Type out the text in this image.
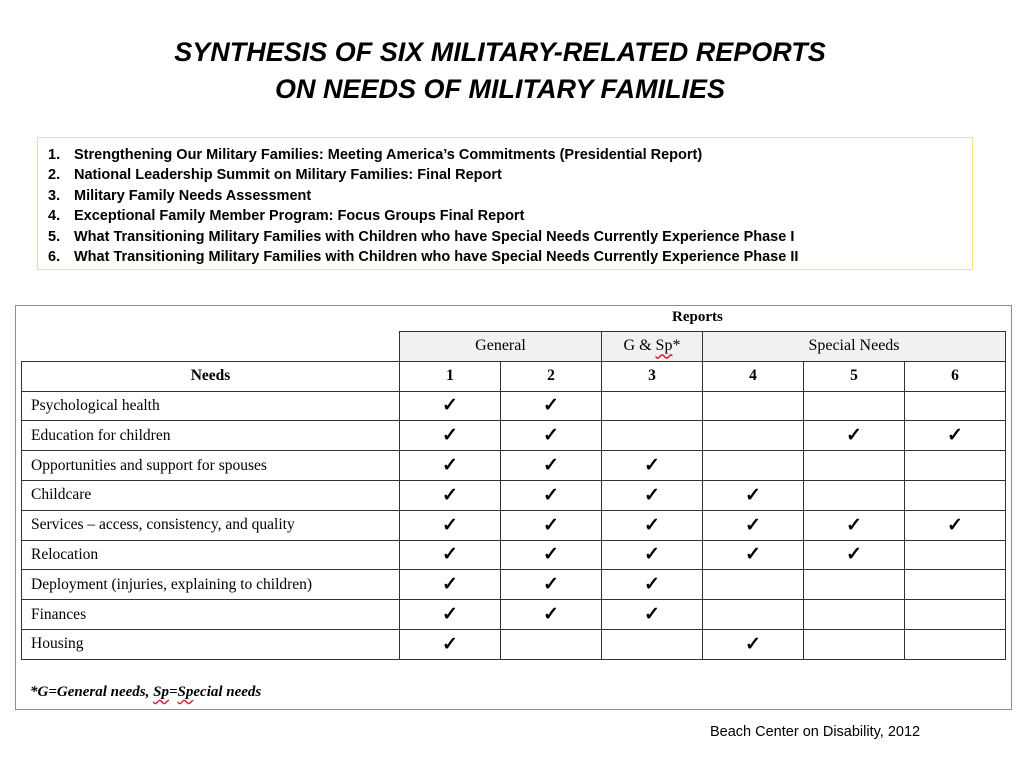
SYNTHESIS OF SIX MILITARY-RELATED REPORTS
ON NEEDS OF MILITARY FAMILIES
1. Strengthening Our Military Families: Meeting America’s Commitments (Presidential Report)
2. National Leadership Summit on Military Families: Final Report
3. Military Family Needs Assessment
4. Exceptional Family Member Program: Focus Groups Final Report
5. What Transitioning Military Families with Children who have Special Needs Currently Experience Phase I
6. What Transitioning Military Families with Children who have Special Needs Currently Experience Phase II
Reports
	General		G & Sp*	Special Needs		
Needs	1	2	3	4	5	6
Psychological health	✓	✓				
Education for children	✓	✓			✓	✓
Opportunities and support for spouses	✓	✓	✓			
Childcare	✓	✓	✓	✓		
Services – access, consistency, and quality	✓	✓	✓	✓	✓	✓
Relocation	✓	✓	✓	✓	✓	
Deployment (injuries, explaining to children)	✓	✓	✓			
Finances	✓	✓	✓			
Housing	✓			✓		
*G=General needs, Sp=Special needs
Beach Center on Disability, 2012
